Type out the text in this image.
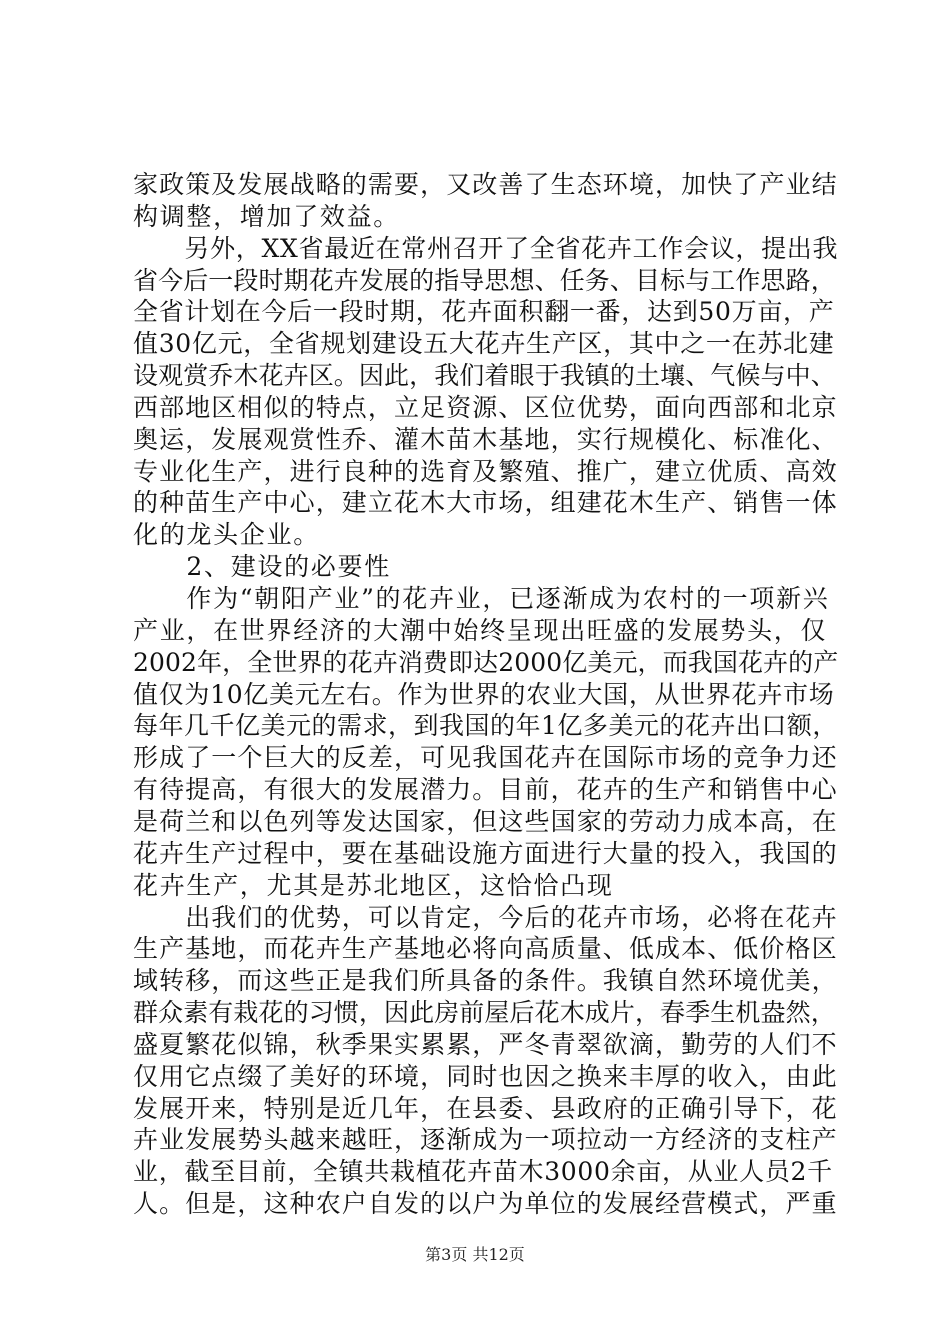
家政策及发展战略的需要，又改善了生态环境，加快了产业结
构调整，增加了效益。
　　另外，XX省最近在常州召开了全省花卉工作会议，提出我
省今后一段时期花卉发展的指导思想、任务、目标与工作思路，
全省计划在今后一段时期，花卉面积翻一番，达到50万亩，产
值30亿元，全省规划建设五大花卉生产区，其中之一在苏北建
设观赏乔木花卉区。因此，我们着眼于我镇的土壤、气候与中、
西部地区相似的特点，立足资源、区位优势，面向西部和北京
奥运，发展观赏性乔、灌木苗木基地，实行规模化、标准化、
专业化生产，进行良种的选育及繁殖、推广，建立优质、高效
的种苗生产中心，建立花木大市场，组建花木生产、销售一体
化的龙头企业。
　　2、建设的必要性
　　作为“朝阳产业”的花卉业，已逐渐成为农村的一项新兴
产业，在世界经济的大潮中始终呈现出旺盛的发展势头，仅
2002年，全世界的花卉消费即达2000亿美元，而我国花卉的产
值仅为10亿美元左右。作为世界的农业大国，从世界花卉市场
每年几千亿美元的需求，到我国的年1亿多美元的花卉出口额，
形成了一个巨大的反差，可见我国花卉在国际市场的竞争力还
有待提高，有很大的发展潜力。目前，花卉的生产和销售中心
是荷兰和以色列等发达国家，但这些国家的劳动力成本高，在
花卉生产过程中，要在基础设施方面进行大量的投入，我国的
花卉生产，尤其是苏北地区，这恰恰凸现
　　出我们的优势，可以肯定，今后的花卉市场，必将在花卉
生产基地，而花卉生产基地必将向高质量、低成本、低价格区
域转移，而这些正是我们所具备的条件。我镇自然环境优美，
群众素有栽花的习惯，因此房前屋后花木成片，春季生机盎然，
盛夏繁花似锦，秋季果实累累，严冬青翠欲滴，勤劳的人们不
仅用它点缀了美好的环境，同时也因之换来丰厚的收入，由此
发展开来，特别是近几年，在县委、县政府的正确引导下，花
卉业发展势头越来越旺，逐渐成为一项拉动一方经济的支柱产
业，截至目前，全镇共栽植花卉苗木3000余亩，从业人员2千
人。但是，这种农户自发的以户为单位的发展经营模式，严重
第3页 共12页
